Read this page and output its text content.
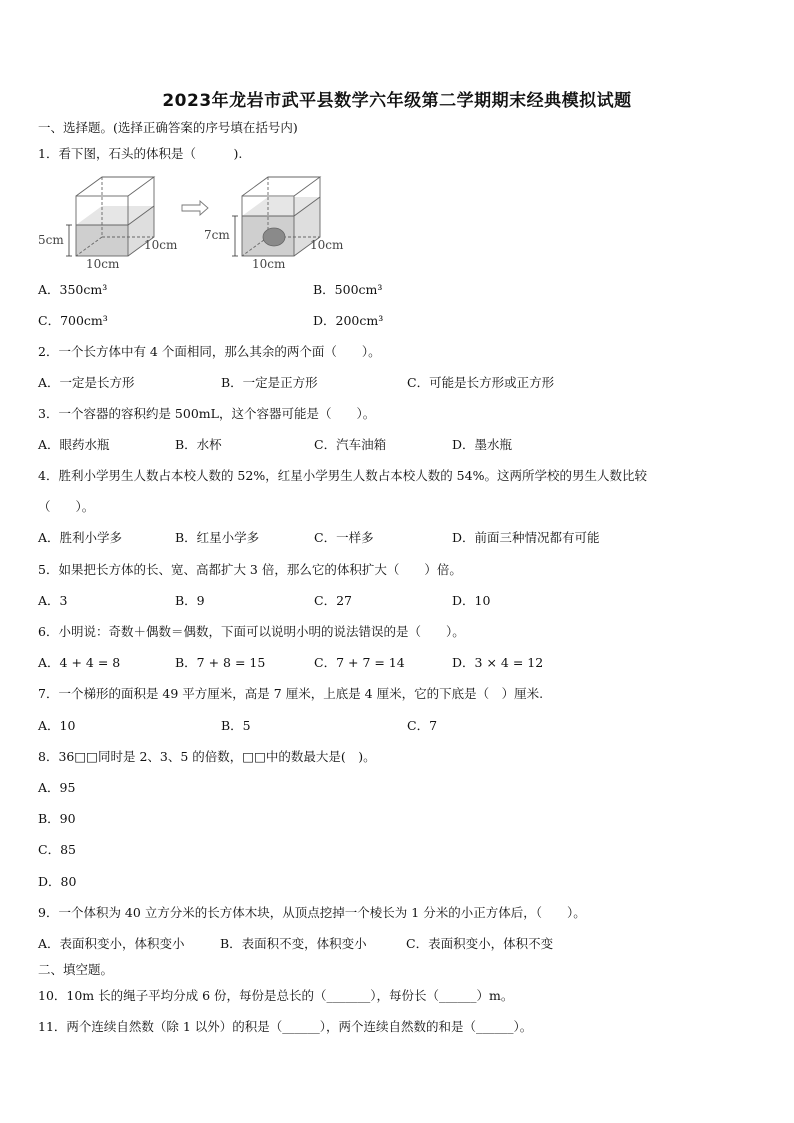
2023年龙岩市武平县数学六年级第二学期期末经典模拟试题
一、选择题。(选择正确答案的序号填在括号内)
1．看下图，石头的体积是（　　　).
5cm	10cm
10cm
7cm
10cm
10cm
A．350cm³	B．500cm³
C．700cm³	D．200cm³
2．一个长方体中有 4 个面相同，那么其余的两个面（　　）。
A．一定是长方形	B．一定是正方形	C．可能是长方形或正方形
3．一个容器的容积约是 500mL，这个容器可能是（　　）。
A．眼药水瓶	B．水杯	C．汽车油箱	D．墨水瓶
4．胜利小学男生人数占本校人数的 52%，红星小学男生人数占本校人数的 54%。这两所学校的男生人数比较
（　　）。
A．胜利小学多	B．红星小学多	C．一样多	D．前面三种情况都有可能
5．如果把长方体的长、宽、高都扩大 3 倍，那么它的体积扩大（　　）倍。
A．3	B．9	C．27	D．10
6．小明说：奇数＋偶数＝偶数，下面可以说明小明的说法错误的是（　　）。
A．4 + 4 = 8	B．7 + 8 = 15	C．7 + 7 = 14	D．3 × 4 = 12
7．一个梯形的面积是 49 平方厘米，高是 7 厘米，上底是 4 厘米，它的下底是（　）厘米.
A．10	B．5	C．7
8．36□□同时是 2、3、5 的倍数，□□中的数最大是(　)。
A．95
B．90
C．85
D．80
9．一个体积为 40 立方分米的长方体木块，从顶点挖掉一个棱长为 1 分米的小正方体后，（　　）。
A．表面积变小，体积变小	B．表面积不变，体积变小	C．表面积变小，体积不变
二、填空题。
10．10m 长的绳子平均分成 6 份，每份是总长的（_______），每份长（______）m。
11．两个连续自然数（除 1 以外）的积是（______），两个连续自然数的和是（______）。
